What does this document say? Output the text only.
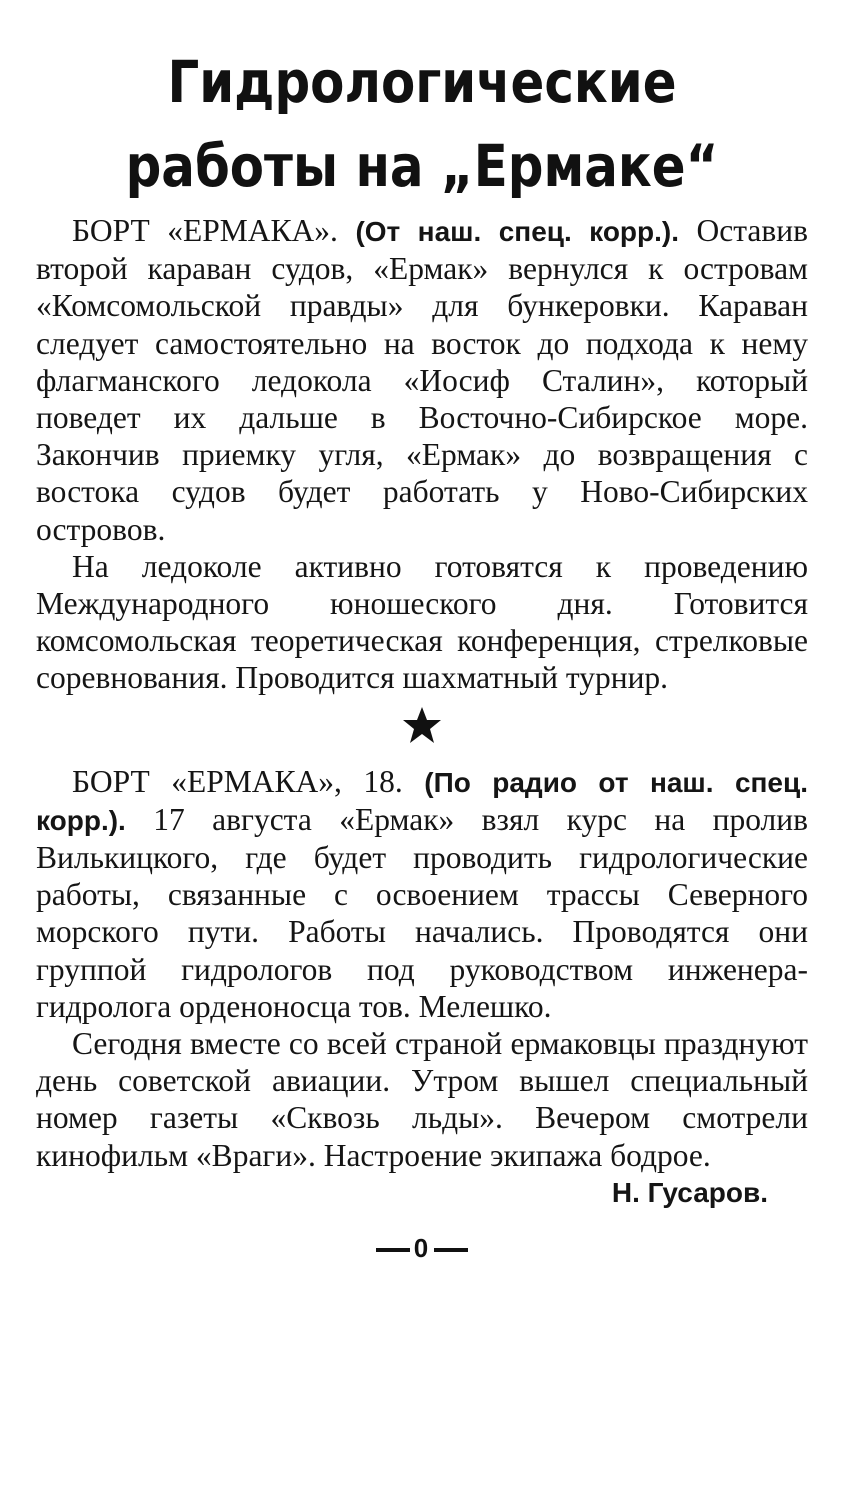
Гидрологические
работы на „Ермаке“

БОРТ «ЕРМАКА». (От наш. спец. корр.). Оставив второй караван судов, «Ермак» вернулся к островам «Комсомольской правды» для бункеровки. Караван следует самостоятельно на восток до подхода к нему флагманского ледокола «Иосиф Сталин», который поведет их дальше в Восточно-Сибирское море. Закончив приемку угля, «Ермак» до возвращения с востока судов будет работать у Ново-Сибирских островов.

На ледоколе активно готовятся к проведению Международного юношеского дня. Готовится комсомольская теоретическая конференция, стрелковые соревнования. Проводится шахматный турнир.

БОРТ «ЕРМАКА», 18. (По радио от наш. спец. корр.). 17 августа «Ермак» взял курс на пролив Вилькицкого, где будет проводить гидрологические работы, связанные с освоением трассы Северного морского пути. Работы начались. Проводятся они группой гидрологов под руководством инженера-гидролога орденоносца тов. Мелешко.

Сегодня вместе со всей страной ермаковцы празднуют день советской авиации. Утром вышел специальный номер газеты «Сквозь льды». Вечером смотрели кинофильм «Враги». Настроение экипажа бодрое.
Н. Гусаров.

0
